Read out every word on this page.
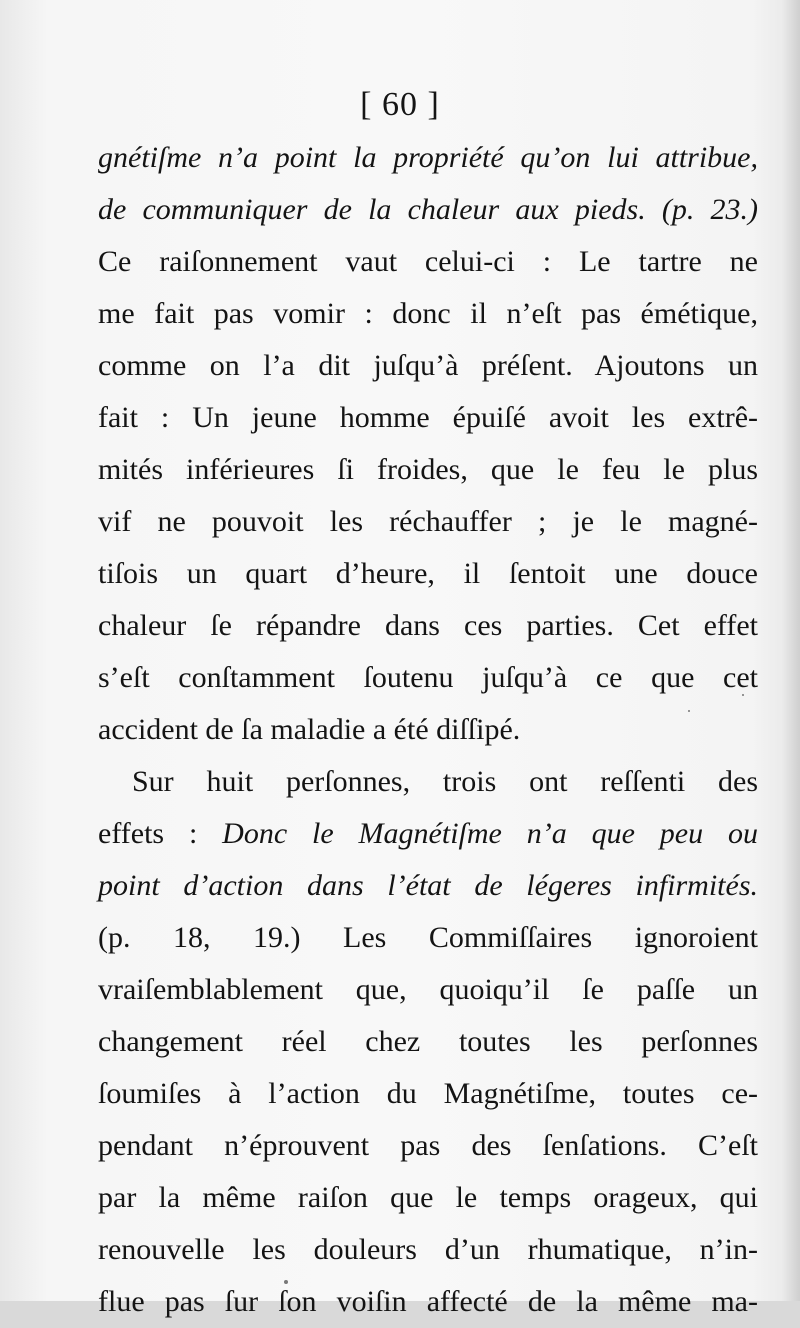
[ 60 ]
gnétiſme n’a point la propriété qu’on lui attribue,
de communiquer de la chaleur aux pieds. (p. 23.)
Ce raiſonnement vaut celui-ci : Le tartre ne
me fait pas vomir : donc il n’eſt pas émétique,
comme on l’a dit juſqu’à préſent. Ajoutons un
fait : Un jeune homme épuiſé avoit les extrê-
mités inférieures ſi froides, que le feu le plus
vif ne pouvoit les réchauffer ; je le magné-
tiſois un quart d’heure, il ſentoit une douce
chaleur ſe répandre dans ces parties. Cet effet
s’eſt conſtamment ſoutenu juſqu’à ce que cet
accident de ſa maladie a été diſſipé.
Sur huit perſonnes, trois ont reſſenti des
effets : Donc le Magnétiſme n’a que peu ou
point d’action dans l’état de légeres infirmités.
(p. 18, 19.) Les Commiſſaires ignoroient
vraiſemblablement que, quoiqu’il ſe paſſe un
changement réel chez toutes les perſonnes
ſoumiſes à l’action du Magnétiſme, toutes ce-
pendant n’éprouvent pas des ſenſations. C’eſt
par la même raiſon que le temps orageux, qui
renouvelle les douleurs d’un rhumatique, n’in-
flue pas ſur ſon voiſin affecté de la même ma-
